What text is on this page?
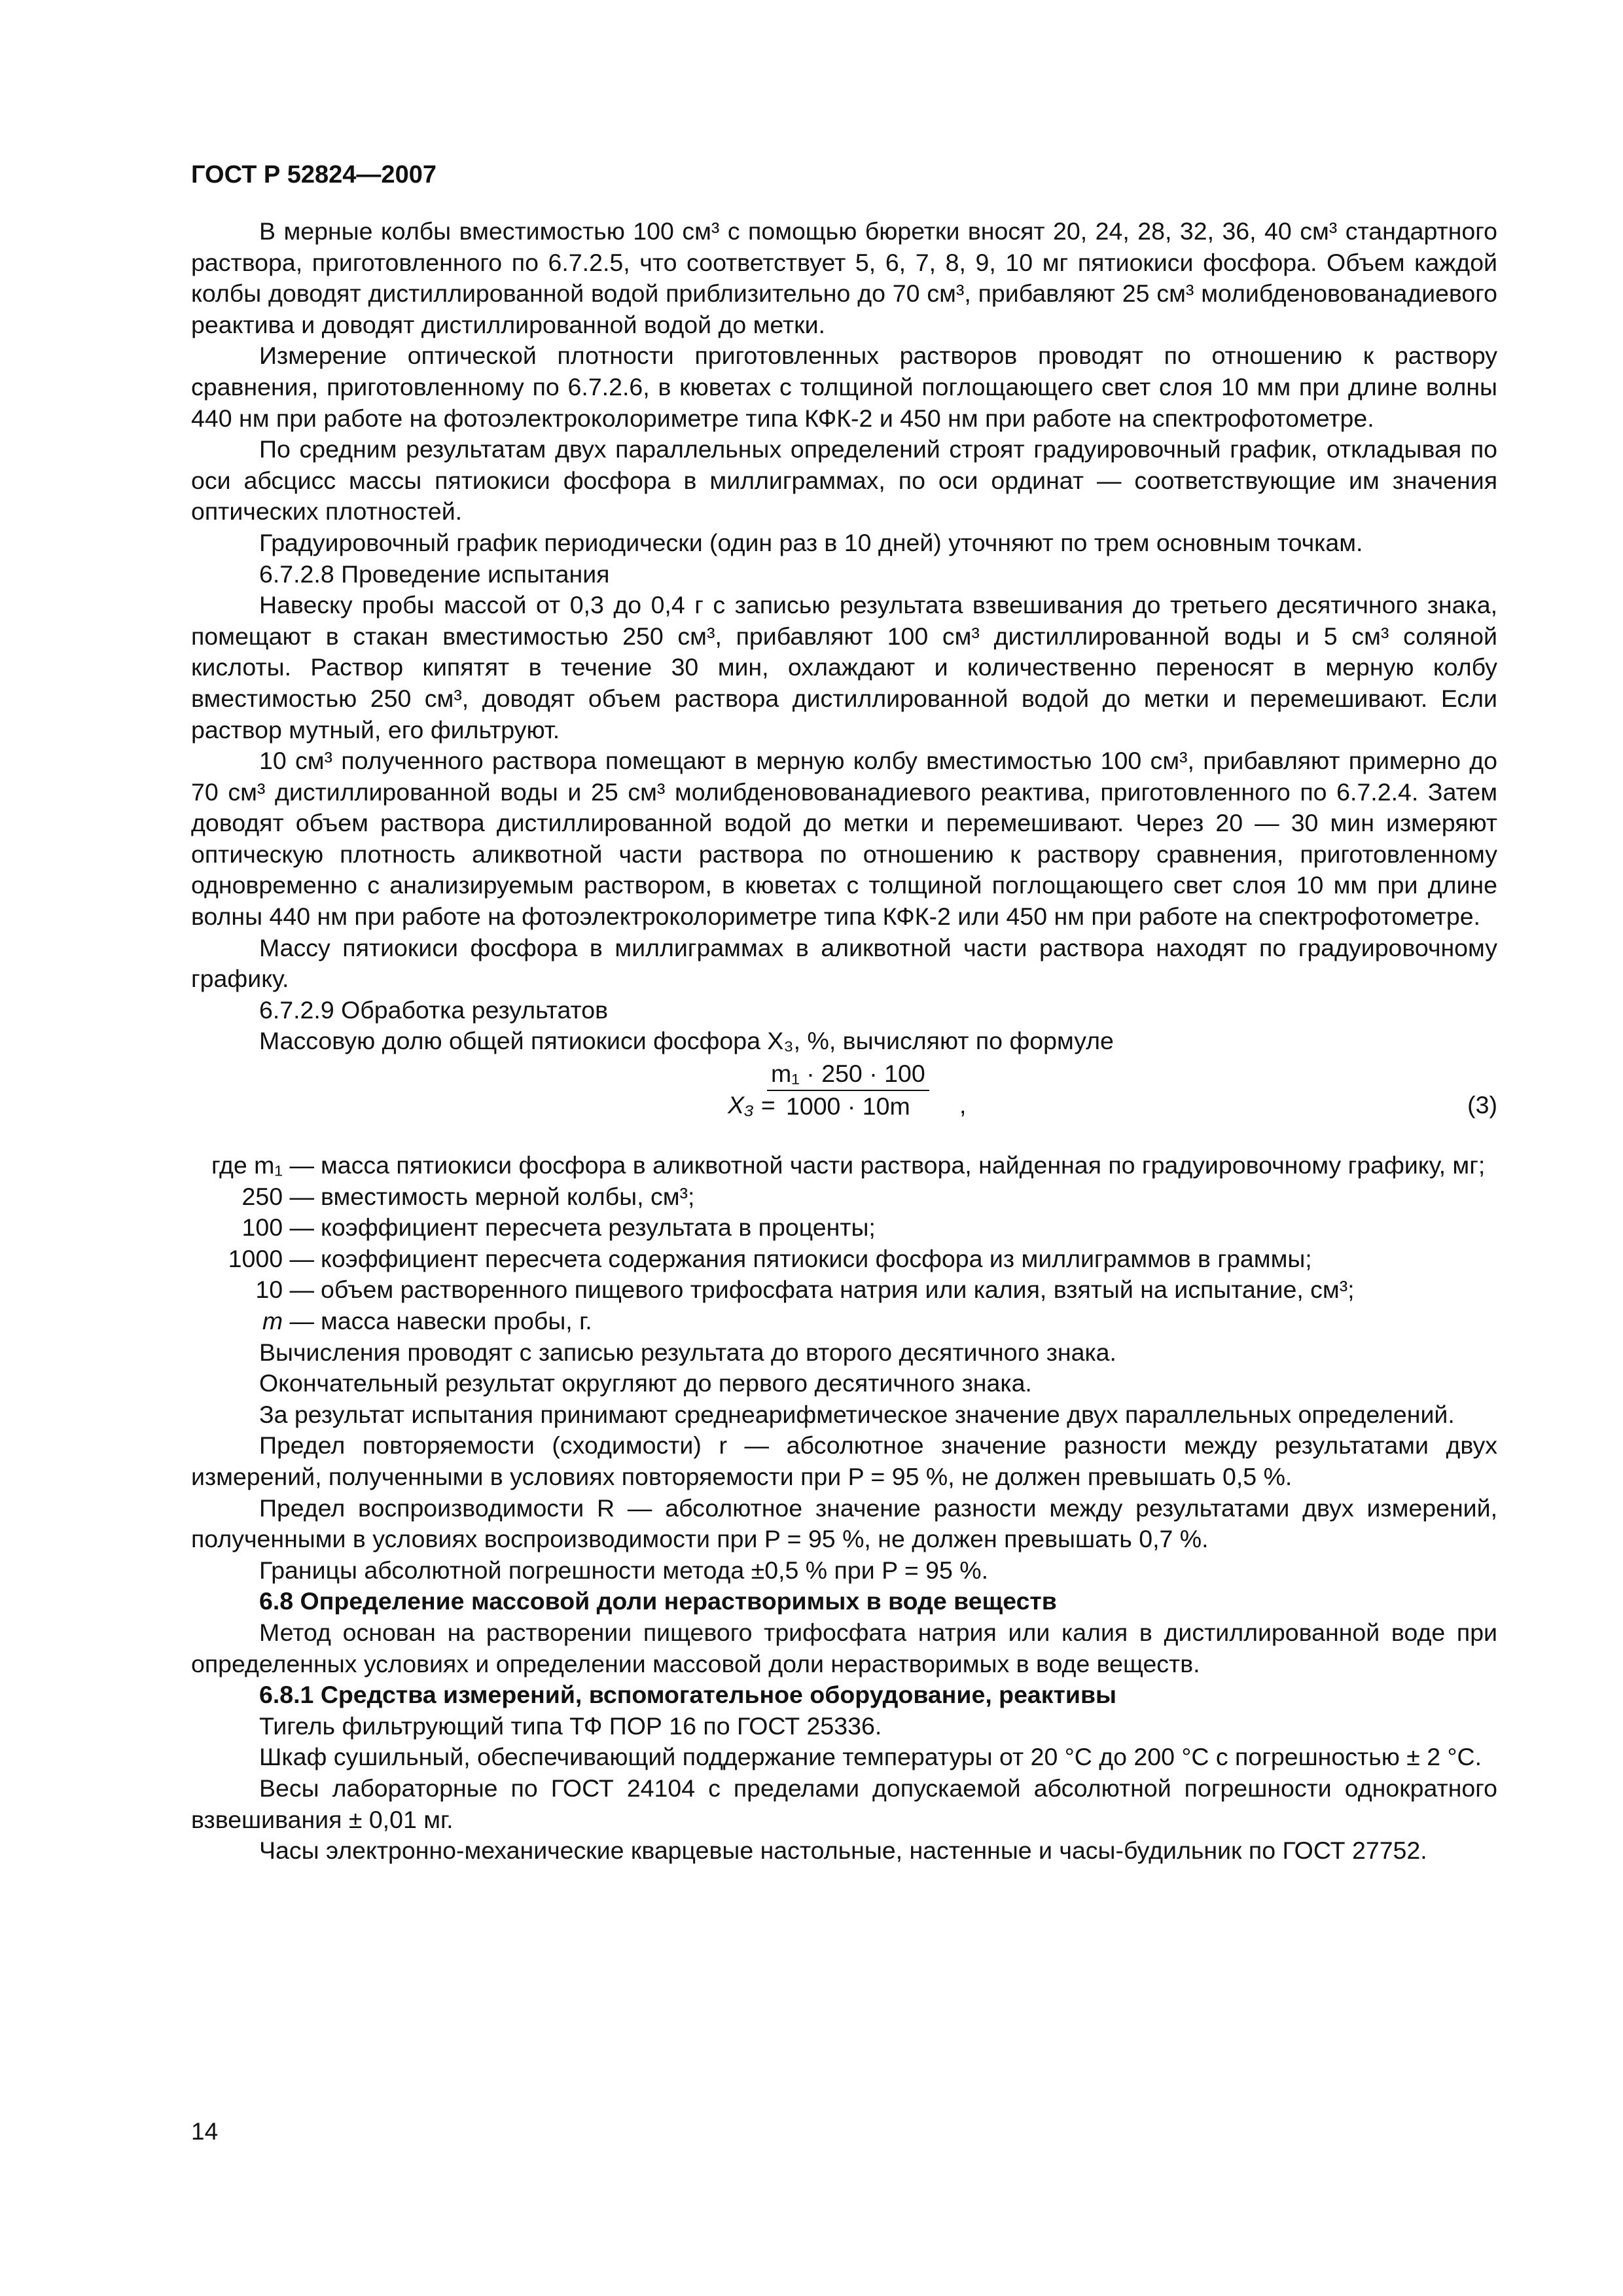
ГОСТ Р 52824—2007

В мерные колбы вместимостью 100 см³ с помощью бюретки вносят 20, 24, 28, 32, 36, 40 см³ стандартного раствора, приготовленного по 6.7.2.5, что соответствует 5, 6, 7, 8, 9, 10 мг пятиокиси фосфора. Объем каждой колбы доводят дистиллированной водой приблизительно до 70 см³, прибавляют 25 см³ молибденовованадиевого реактива и доводят дистиллированной водой до метки.

Измерение оптической плотности приготовленных растворов проводят по отношению к раствору сравнения, приготовленному по 6.7.2.6, в кюветах с толщиной поглощающего свет слоя 10 мм при длине волны 440 нм при работе на фотоэлектроколориметре типа КФК-2 и 450 нм при работе на спектрофотометре.

По средним результатам двух параллельных определений строят градуировочный график, откладывая по оси абсцисс массы пятиокиси фосфора в миллиграммах, по оси ординат — соответствующие им значения оптических плотностей.

Градуировочный график периодически (один раз в 10 дней) уточняют по трем основным точкам.

6.7.2.8 Проведение испытания

Навеску пробы массой от 0,3 до 0,4 г с записью результата взвешивания до третьего десятичного знака, помещают в стакан вместимостью 250 см³, прибавляют 100 см³ дистиллированной воды и 5 см³ соляной кислоты. Раствор кипятят в течение 30 мин, охлаждают и количественно переносят в мерную колбу вместимостью 250 см³, доводят объем раствора дистиллированной водой до метки и перемешивают. Если раствор мутный, его фильтруют.

10 см³ полученного раствора помещают в мерную колбу вместимостью 100 см³, прибавляют примерно до 70 см³ дистиллированной воды и 25 см³ молибденовованадиевого реактива, приготовленного по 6.7.2.4. Затем доводят объем раствора дистиллированной водой до метки и перемешивают. Через 20 — 30 мин измеряют оптическую плотность аликвотной части раствора по отношению к раствору сравнения, приготовленному одновременно с анализируемым раствором, в кюветах с толщиной поглощающего свет слоя 10 мм при длине волны 440 нм при работе на фотоэлектроколориметре типа КФК-2 или 450 нм при работе на спектрофотометре.

Массу пятиокиси фосфора в миллиграммах в аликвотной части раствора находят по градуировочному графику.

6.7.2.9 Обработка результатов

Массовую долю общей пятиокиси фосфора X₃, %, вычисляют по формуле

X₃ =
$\frac{\text{m₁ · 250 · 100}}{1000 \cdot 10m}$ ,	(3)
где m₁ — масса пятиокиси фосфора в аликвотной части раствора, найденная по градуировочному графику, мг;
250 — вместимость мерной колбы, см³;
100 — коэффициент пересчета результата в проценты;
1000 — коэффициент пересчета содержания пятиокиси фосфора из миллиграммов в граммы;
10 — объем растворенного пищевого трифосфата натрия или калия, взятый на испытание, см³;
m — масса навески пробы, г.

Вычисления проводят с записью результата до второго десятичного знака.

Окончательный результат округляют до первого десятичного знака.

За результат испытания принимают среднеарифметическое значение двух параллельных определений.

Предел повторяемости (сходимости) r — абсолютное значение разности между результатами двух измерений, полученными в условиях повторяемости при P = 95 %, не должен превышать 0,5 %.

Предел воспроизводимости R — абсолютное значение разности между результатами двух измерений, полученными в условиях воспроизводимости при P = 95 %, не должен превышать 0,7 %.

Границы абсолютной погрешности метода ±0,5 % при P = 95 %.

6.8 Определение массовой доли нерастворимых в воде веществ

Метод основан на растворении пищевого трифосфата натрия или калия в дистиллированной воде при определенных условиях и определении массовой доли нерастворимых в воде веществ.

6.8.1 Средства измерений, вспомогательное оборудование, реактивы

Тигель фильтрующий типа ТФ ПОР 16 по ГОСТ 25336.

Шкаф сушильный, обеспечивающий поддержание температуры от 20 °С до 200 °С с погрешностью ± 2 °С.

Весы лабораторные по ГОСТ 24104 с пределами допускаемой абсолютной погрешности однократного взвешивания ± 0,01 мг.

Часы электронно-механические кварцевые настольные, настенные и часы-будильник по ГОСТ 27752.

14
